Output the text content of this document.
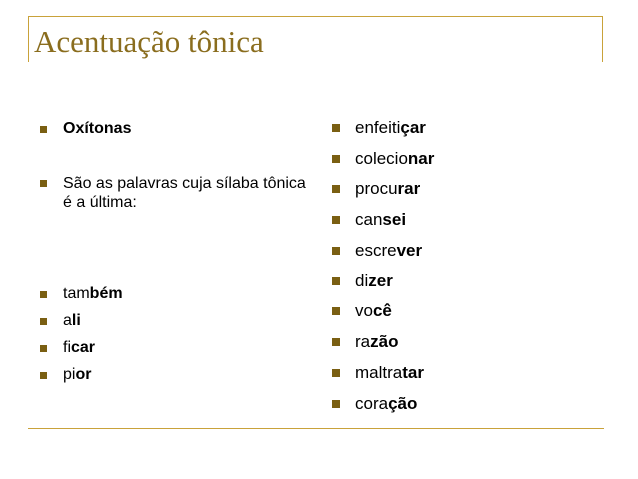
Acentuação tônica
Oxítonas
São as palavras cuja sílaba tônica é a última:
também
ali
ficar
pior
enfeitiçar
colecionar
procurar
cansei
escrever
dizer
você
razão
maltratar
coração
